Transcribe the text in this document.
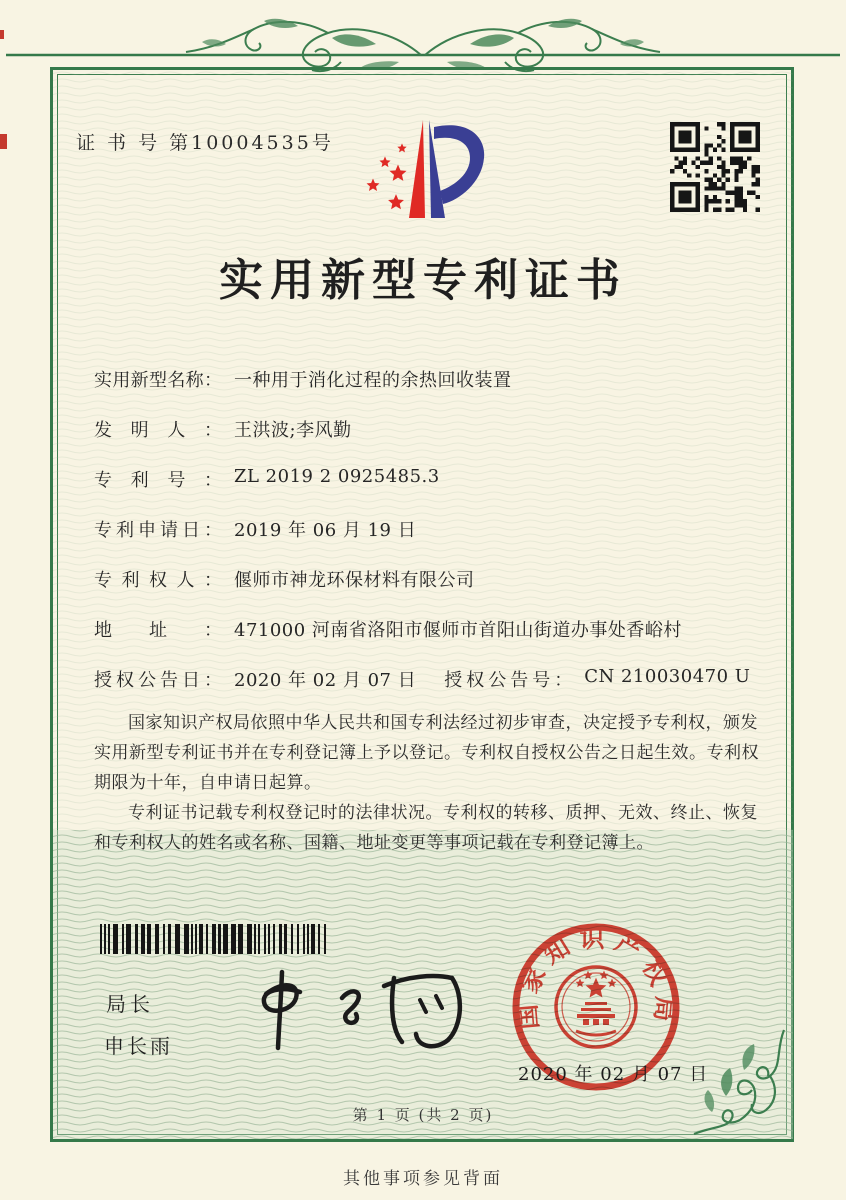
证 书 号 第10004535号
实用新型专利证书
实用新型名称： 一种用于消化过程的余热回收装置
发明人： 王洪波;李风勤
专利号： ZL 2019 2 0925485.3
专利申请日： 2019 年 06 月 19 日
专利权人： 偃师市神龙环保材料有限公司
地址： 471000 河南省洛阳市偃师市首阳山街道办事处香峪村
授权公告日： 2020 年 02 月 07 日 授权公告号： CN 210030470 U

国家知识产权局依照中华人民共和国专利法经过初步审查，决定授予专利权，颁发实用新型专利证书并在专利登记簿上予以登记。专利权自授权公告之日起生效。专利权期限为十年，自申请日起算。

专利证书记载专利权登记时的法律状况。专利权的转移、质押、无效、终止、恢复和专利权人的姓名或名称、国籍、地址变更等事项记载在专利登记簿上。

局长
申长雨
国家知识产权局
2020 年 02 月 07 日
第 1 页 (共 2 页)
其他事项参见背面
